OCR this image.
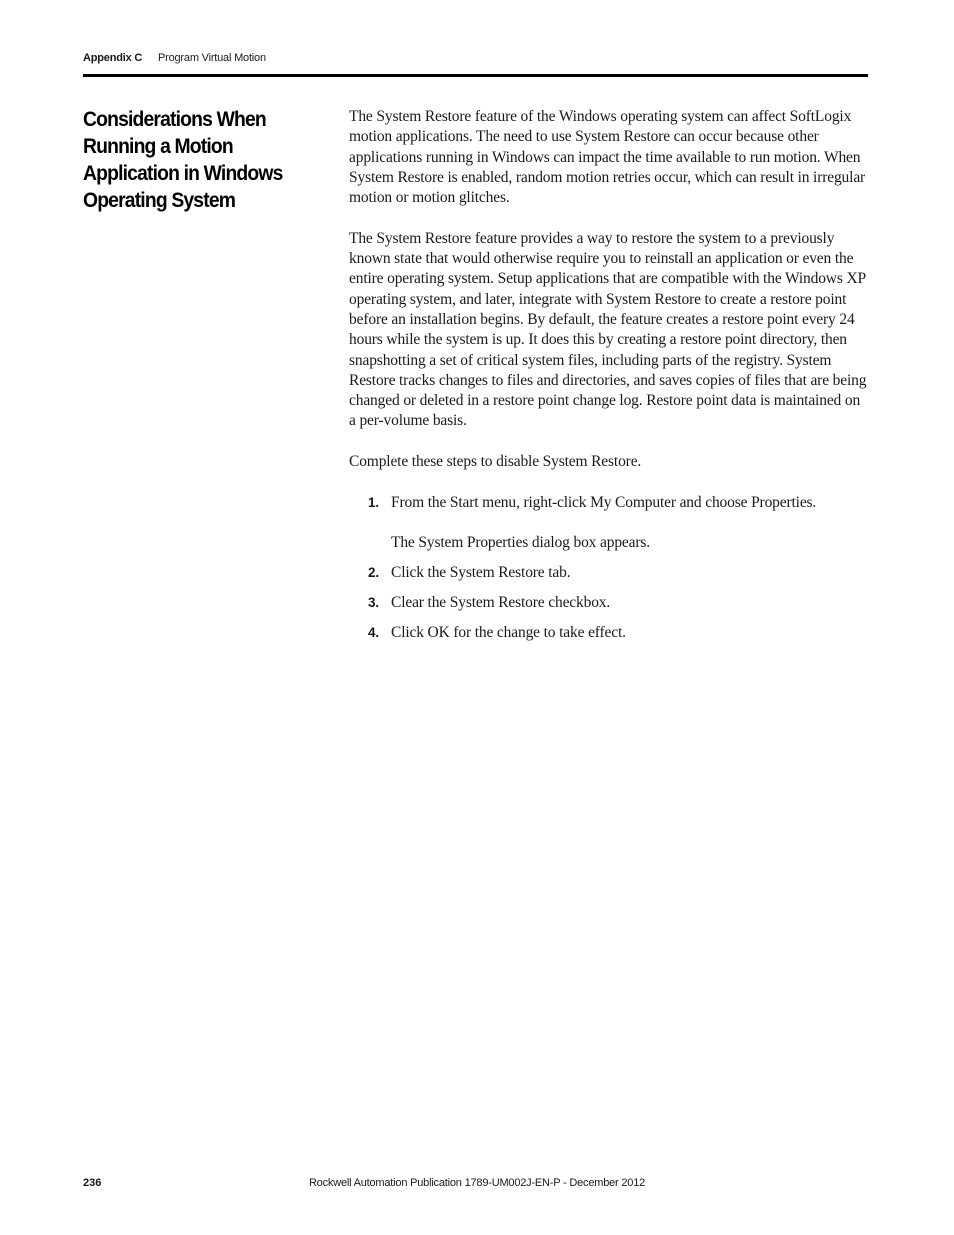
Appendix C Program Virtual Motion
Considerations When Running a Motion Application in Windows Operating System

The System Restore feature of the Windows operating system can affect SoftLogix motion applications. The need to use System Restore can occur because other applications running in Windows can impact the time available to run motion. When System Restore is enabled, random motion retries occur, which can result in irregular motion or motion glitches.

The System Restore feature provides a way to restore the system to a previously known state that would otherwise require you to reinstall an application or even the entire operating system. Setup applications that are compatible with the Windows XP operating system, and later, integrate with System Restore to create a restore point before an installation begins. By default, the feature creates a restore point every 24 hours while the system is up. It does this by creating a restore point directory, then snapshotting a set of critical system files, including parts of the registry. System Restore tracks changes to files and directories, and saves copies of files that are being changed or deleted in a restore point change log. Restore point data is maintained on a per-volume basis.

Complete these steps to disable System Restore.

1. From the Start menu, right-click My Computer and choose Properties.
The System Properties dialog box appears.
2. Click the System Restore tab.
3. Clear the System Restore checkbox.
4. Click OK for the change to take effect.
236	Rockwell Automation Publication 1789-UM002J-EN-P - December 2012
